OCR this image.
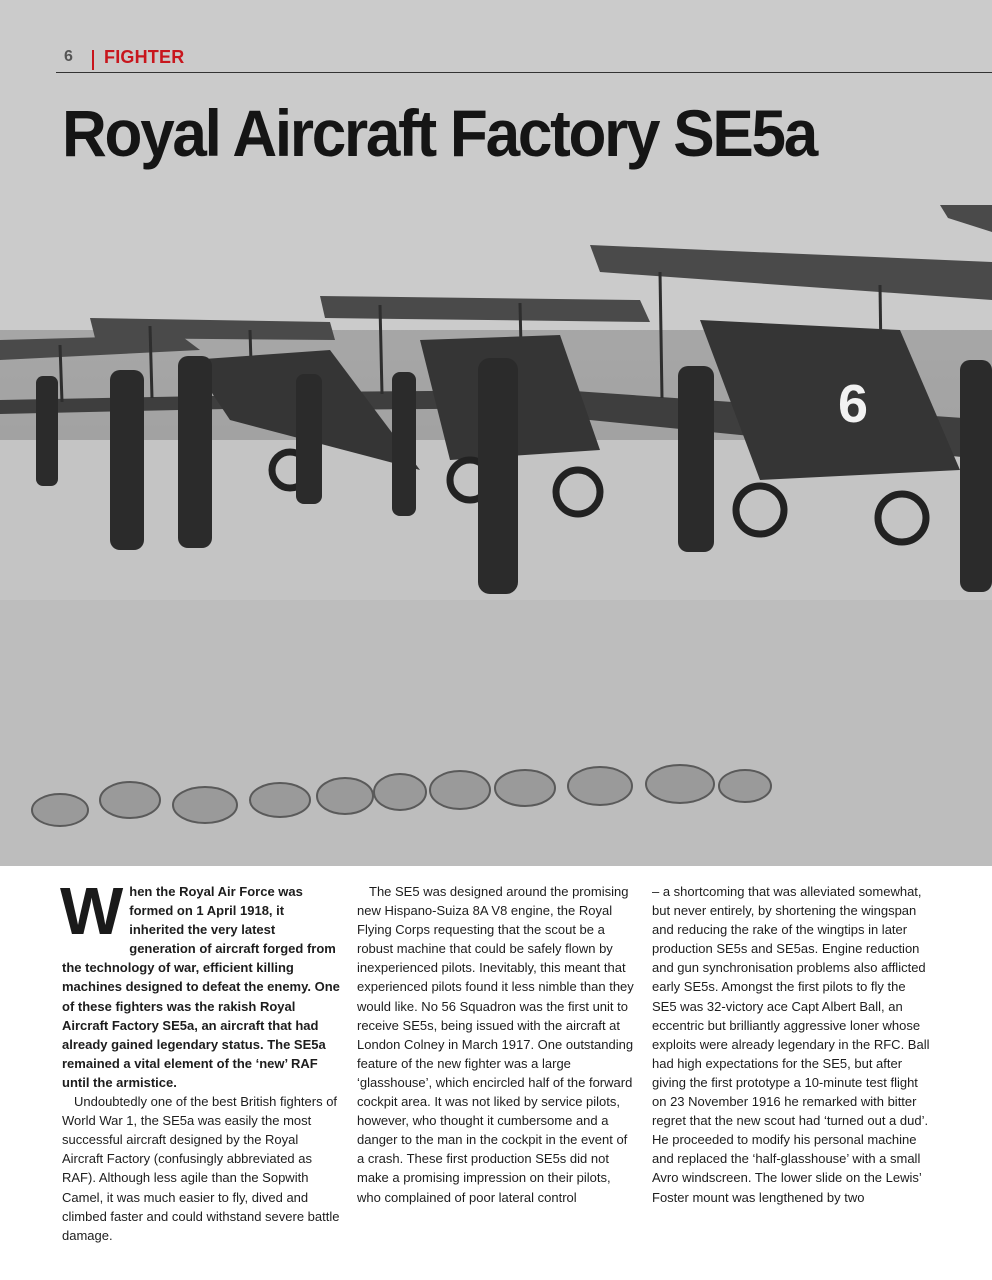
6
6 FIGHTER
Royal Aircraft Factory SE5a

When the Royal Air Force was formed on 1 April 1918, it inherited the very latest generation of aircraft forged from the technology of war, efficient killing machines designed to defeat the enemy. One of these fighters was the rakish Royal Aircraft Factory SE5a, an aircraft that had already gained legendary status. The SE5a remained a vital element of the ‘new’ RAF until the armistice.

Undoubtedly one of the best British fighters of World War 1, the SE5a was easily the most successful aircraft designed by the Royal Aircraft Factory (confusingly abbreviated as RAF). Although less agile than the Sopwith Camel, it was much easier to fly, dived and climbed faster and could withstand severe battle damage.

The SE5 was designed around the promising new Hispano-Suiza 8A V8 engine, the Royal Flying Corps requesting that the scout be a robust machine that could be safely flown by inexperienced pilots. Inevitably, this meant that experienced pilots found it less nimble than they would like. No 56 Squadron was the first unit to receive SE5s, being issued with the aircraft at London Colney in March 1917. One outstanding feature of the new fighter was a large ‘glasshouse’, which encircled half of the forward cockpit area. It was not liked by service pilots, however, who thought it cumbersome and a danger to the man in the cockpit in the event of a crash. These first production SE5s did not make a promising impression on their pilots, who complained of poor lateral control

– a shortcoming that was alleviated somewhat, but never entirely, by shortening the wingspan and reducing the rake of the wingtips in later production SE5s and SE5as. Engine reduction and gun synchronisation problems also afflicted early SE5s. Amongst the first pilots to fly the SE5 was 32-victory ace Capt Albert Ball, an eccentric but brilliantly aggressive loner whose exploits were already legendary in the RFC. Ball had high expectations for the SE5, but after giving the first prototype a 10-minute test flight on 23 November 1916 he remarked with bitter regret that the new scout had ‘turned out a dud’. He proceeded to modify his personal machine and replaced the ‘half-glasshouse’ with a small Avro windscreen. The lower slide on the Lewis’ Foster mount was lengthened by two
